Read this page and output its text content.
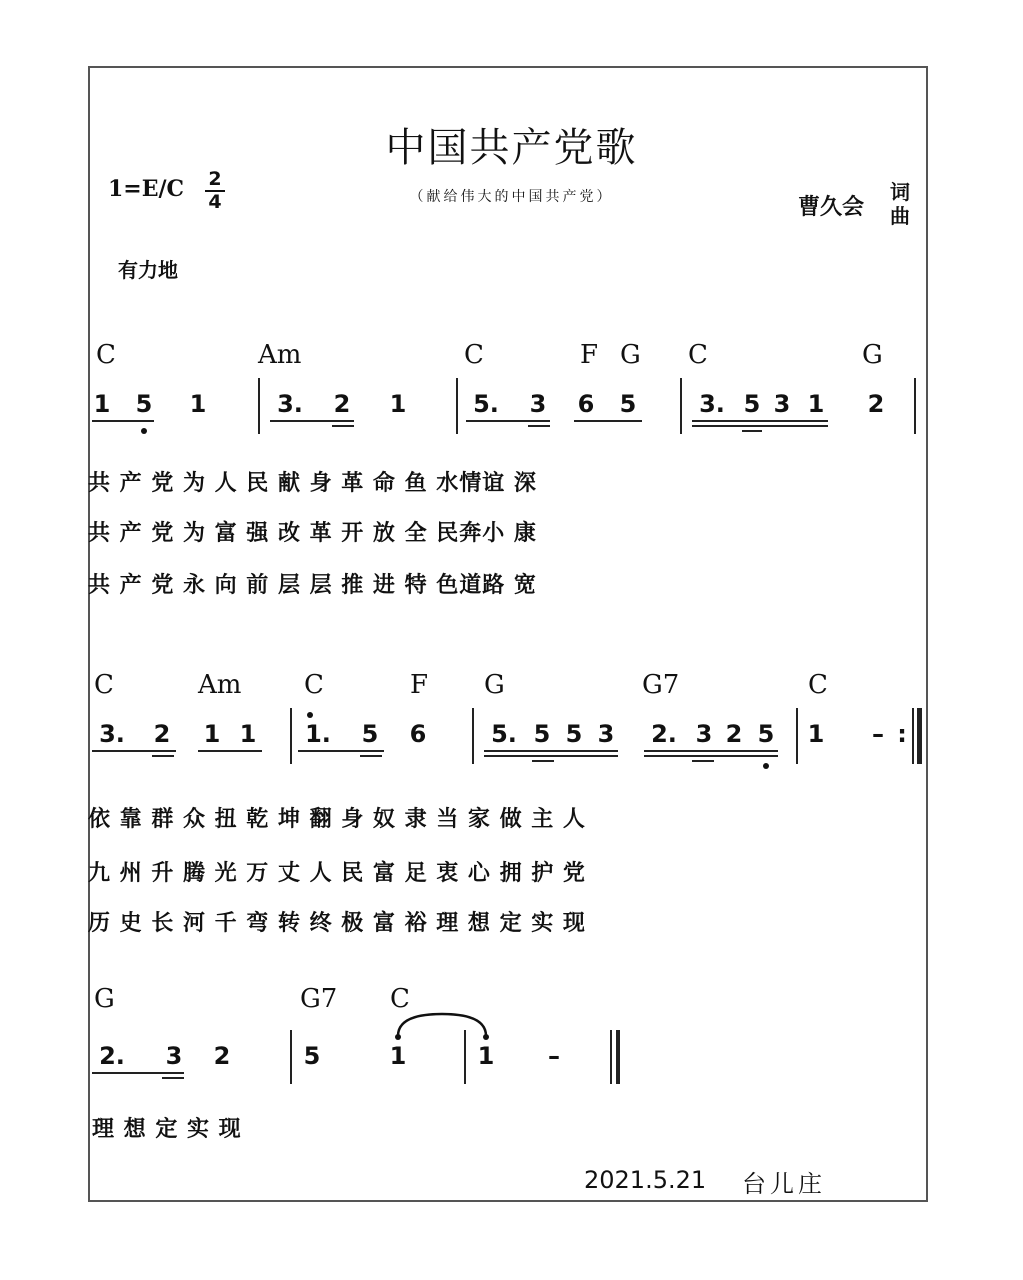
中国共产党歌
（献给伟大的中国共产党）
1=E/C 2
4	曹久会
词
曲
有力地
C	Am	C	F G C	G
1 5 1	3. 2 1	5. 3 6 5	3. 5 3 1 2
共 产 党 为 人 民 献 身 革 命 鱼 水情谊 深
共 产 党 为 富 强 改 革 开 放 全 民奔小 康
共 产 党 永 向 前 层 层 推 进 特 色道路 宽
C	Am C	F G	G7	C
3. 2 1 1 1. 5 6	5. 5 5 3 2. 3 2 5 1 – :
依 靠 群 众 扭 乾 坤 翻 身 奴 隶 当 家 做 主 人
九 州 升 腾 光 万 丈 人 民 富 足 衷 心 拥 护 党
历 史 长 河 千 弯 转 终 极 富 裕 理 想 定 实 现
G	G7 C
2. 3 2	5	1	1 –
理 想 定 实 现
2021.5.21 台儿庄
